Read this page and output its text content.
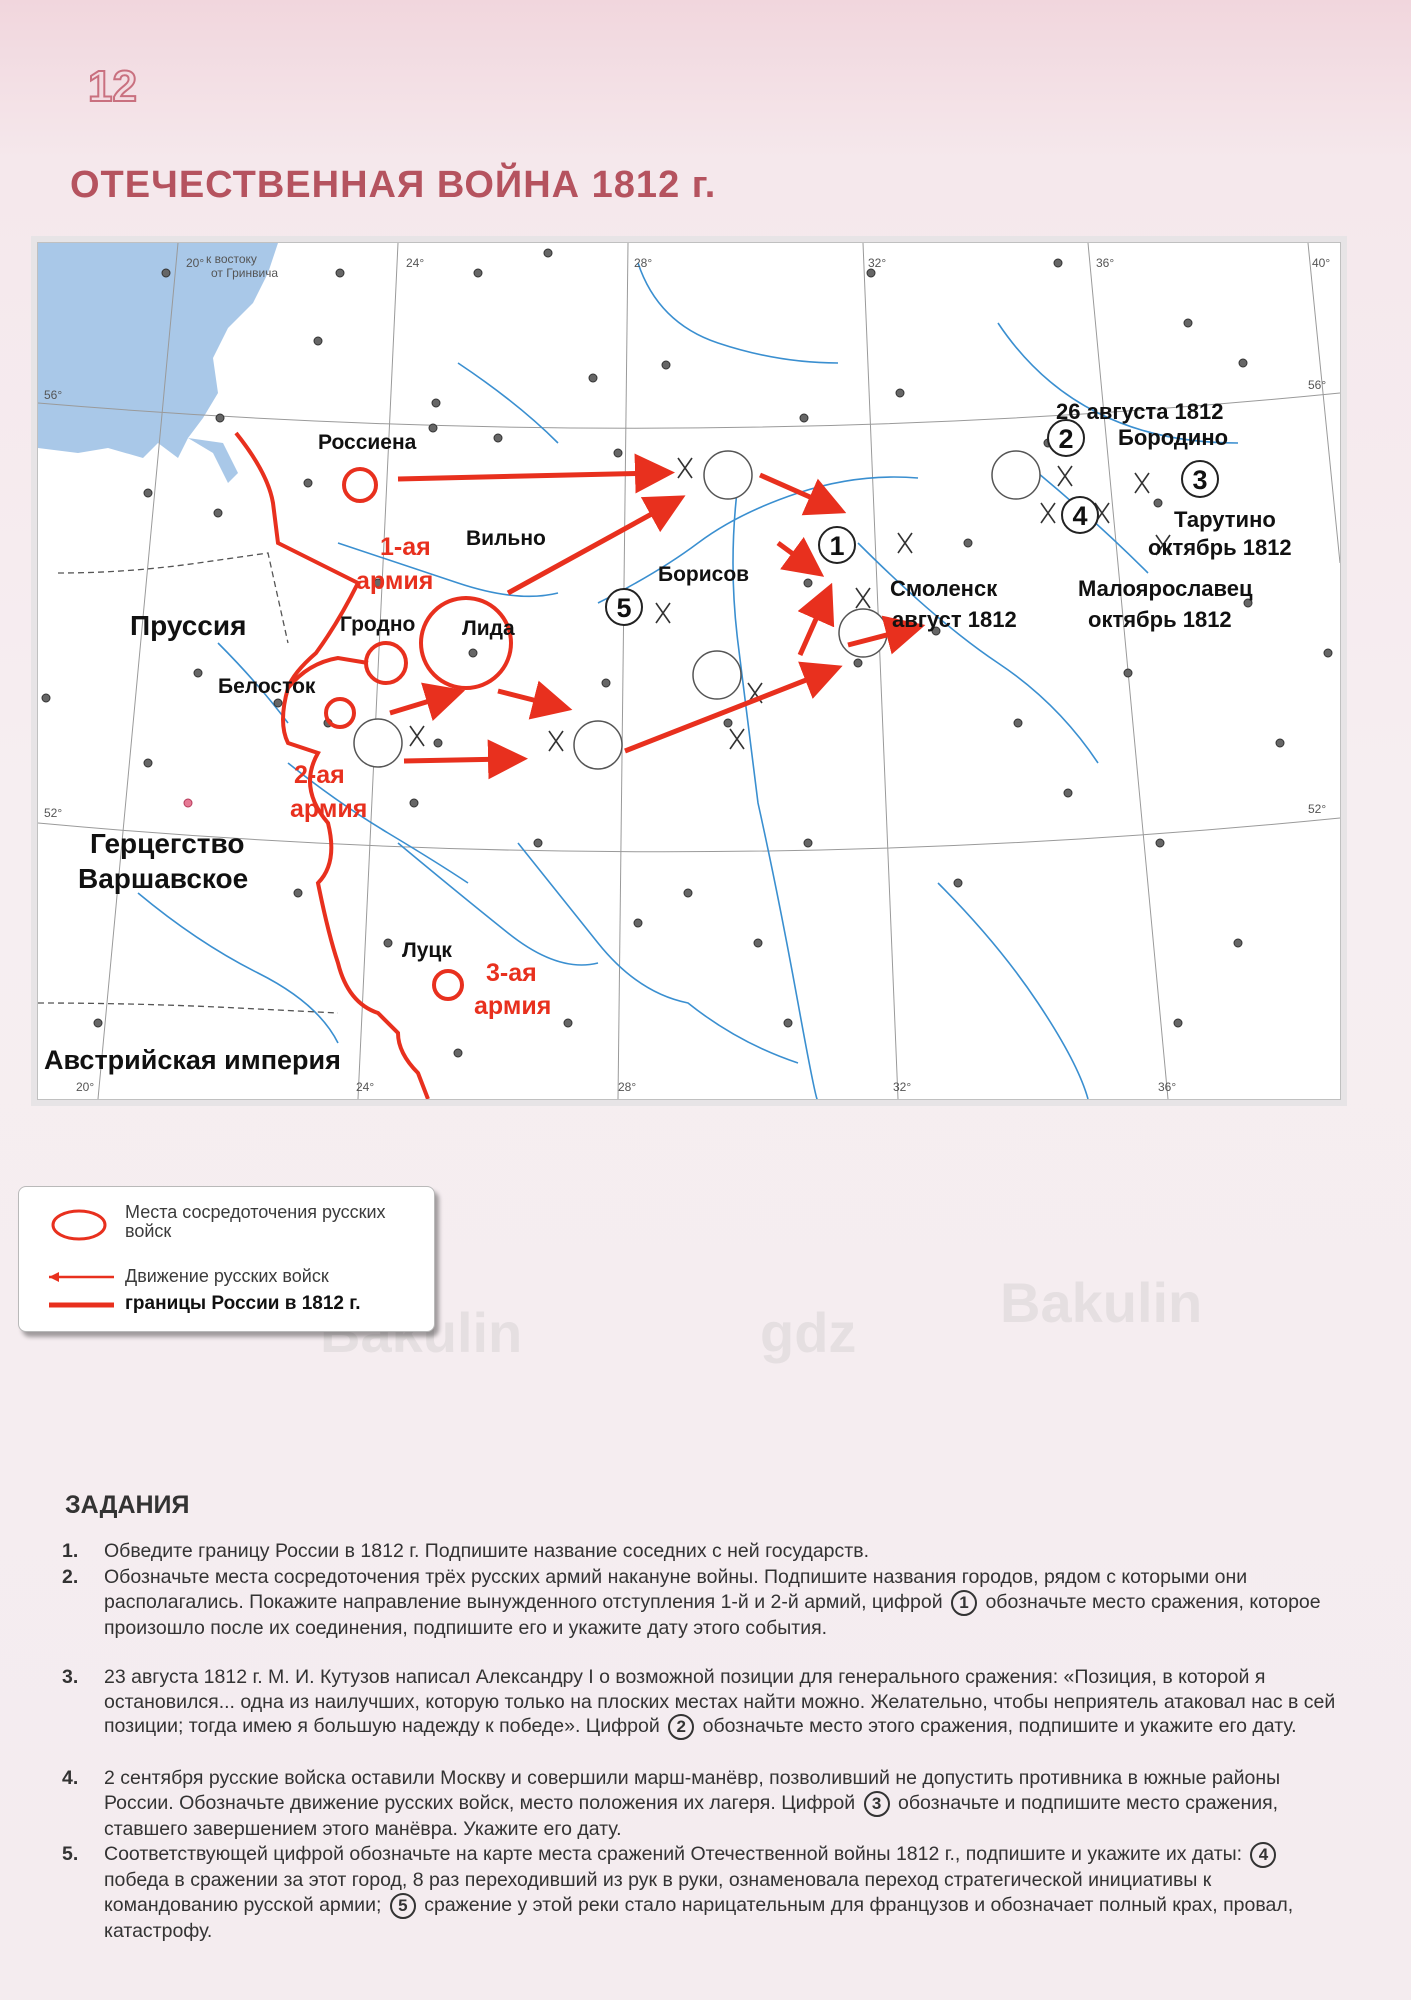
12
ОТЕЧЕСТВЕННАЯ ВОЙНА 1812 г.
Bakulin	gdz	Bakulin
1
2
3
4
5
20° к востоку
от Гринвича
24°	28°	32°	36°	40°
56°
56°
52°	52°
20°	24°	28°	32°	36°
Пруссия
Герцегство
Варшавское
Австрийская империя
Россиена
Вильно
Гродно Лида
Белосток
Луцк
Борисов
Смоленск
август 1812
26 августа 1812
Бородино
Тарутино
октябрь 1812
Малоярославец
октябрь 1812
1-ая
армия
2-ая
армия
3-ая
армия
Места сосредоточения русских войск
Движение русских войск
границы России в 1812 г.
ЗАДАНИЯ
1. Обведите границу России в 1812 г. Подпишите название соседних с ней государств.
2. Обозначьте места сосредоточения трёх русских армий накануне войны. Подпишите названия городов, рядом с которыми они располагались. Покажите направление вынужденного отступления 1-й и 2-й армий, цифрой 1 обозначьте место сражения, которое произошло после их соединения, подпишите его и укажите дату этого события.
3. 23 августа 1812 г. М. И. Кутузов написал Александру I о возможной позиции для генерального сражения: «Позиция, в которой я остановился... одна из наилучших, которую только на плоских местах найти можно. Желательно, чтобы неприятель атаковал нас в сей позиции; тогда имею я большую надежду к победе». Цифрой 2 обозначьте место этого сражения, подпишите и укажите его дату.
4. 2 сентября русские войска оставили Москву и совершили марш-манёвр, позволивший не допустить противника в южные районы России. Обозначьте движение русских войск, место положения их лагеря. Цифрой 3 обозначьте и подпишите место сражения, ставшего завершением этого манёвра. Укажите его дату.
5. Соответствующей цифрой обозначьте на карте места сражений Отечественной войны 1812 г., подпишите и укажите их даты: 4 победа в сражении за этот город, 8 раз переходивший из рук в руки, ознаменовала переход стратегической инициативы к командованию русской армии; 5 сражение у этой реки стало нарицательным для французов и обозначает полный крах, провал, катастрофу.
